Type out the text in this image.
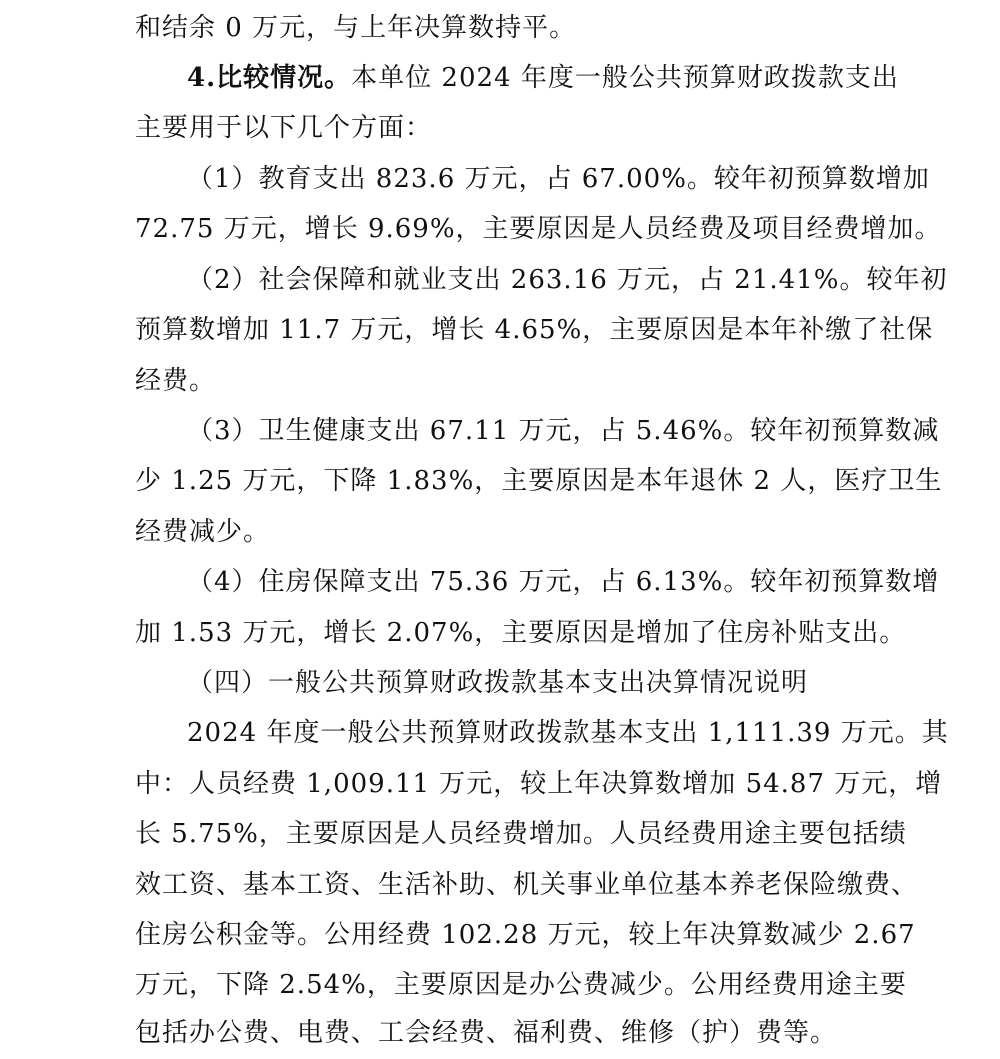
和结余 0 万元，与上年决算数持平。
4.比较情况。本单位 2024 年度一般公共预算财政拨款支出
主要用于以下几个方面：
（1）教育支出 823.6 万元，占 67.00%。较年初预算数增加
72.75 万元，增长 9.69%，主要原因是人员经费及项目经费增加。
（2）社会保障和就业支出 263.16 万元，占 21.41%。较年初
预算数增加 11.7 万元，增长 4.65%，主要原因是本年补缴了社保
经费。
（3）卫生健康支出 67.11 万元，占 5.46%。较年初预算数减
少 1.25 万元，下降 1.83%，主要原因是本年退休 2 人，医疗卫生
经费减少。
（4）住房保障支出 75.36 万元，占 6.13%。较年初预算数增
加 1.53 万元，增长 2.07%，主要原因是增加了住房补贴支出。
（四）一般公共预算财政拨款基本支出决算情况说明
2024 年度一般公共预算财政拨款基本支出 1,111.39 万元。其
中：人员经费 1,009.11 万元，较上年决算数增加 54.87 万元，增
长 5.75%，主要原因是人员经费增加。人员经费用途主要包括绩
效工资、基本工资、生活补助、机关事业单位基本养老保险缴费、
住房公积金等。公用经费 102.28 万元，较上年决算数减少 2.67
万元，下降 2.54%，主要原因是办公费减少。公用经费用途主要
包括办公费、电费、工会经费、福利费、维修（护）费等。
